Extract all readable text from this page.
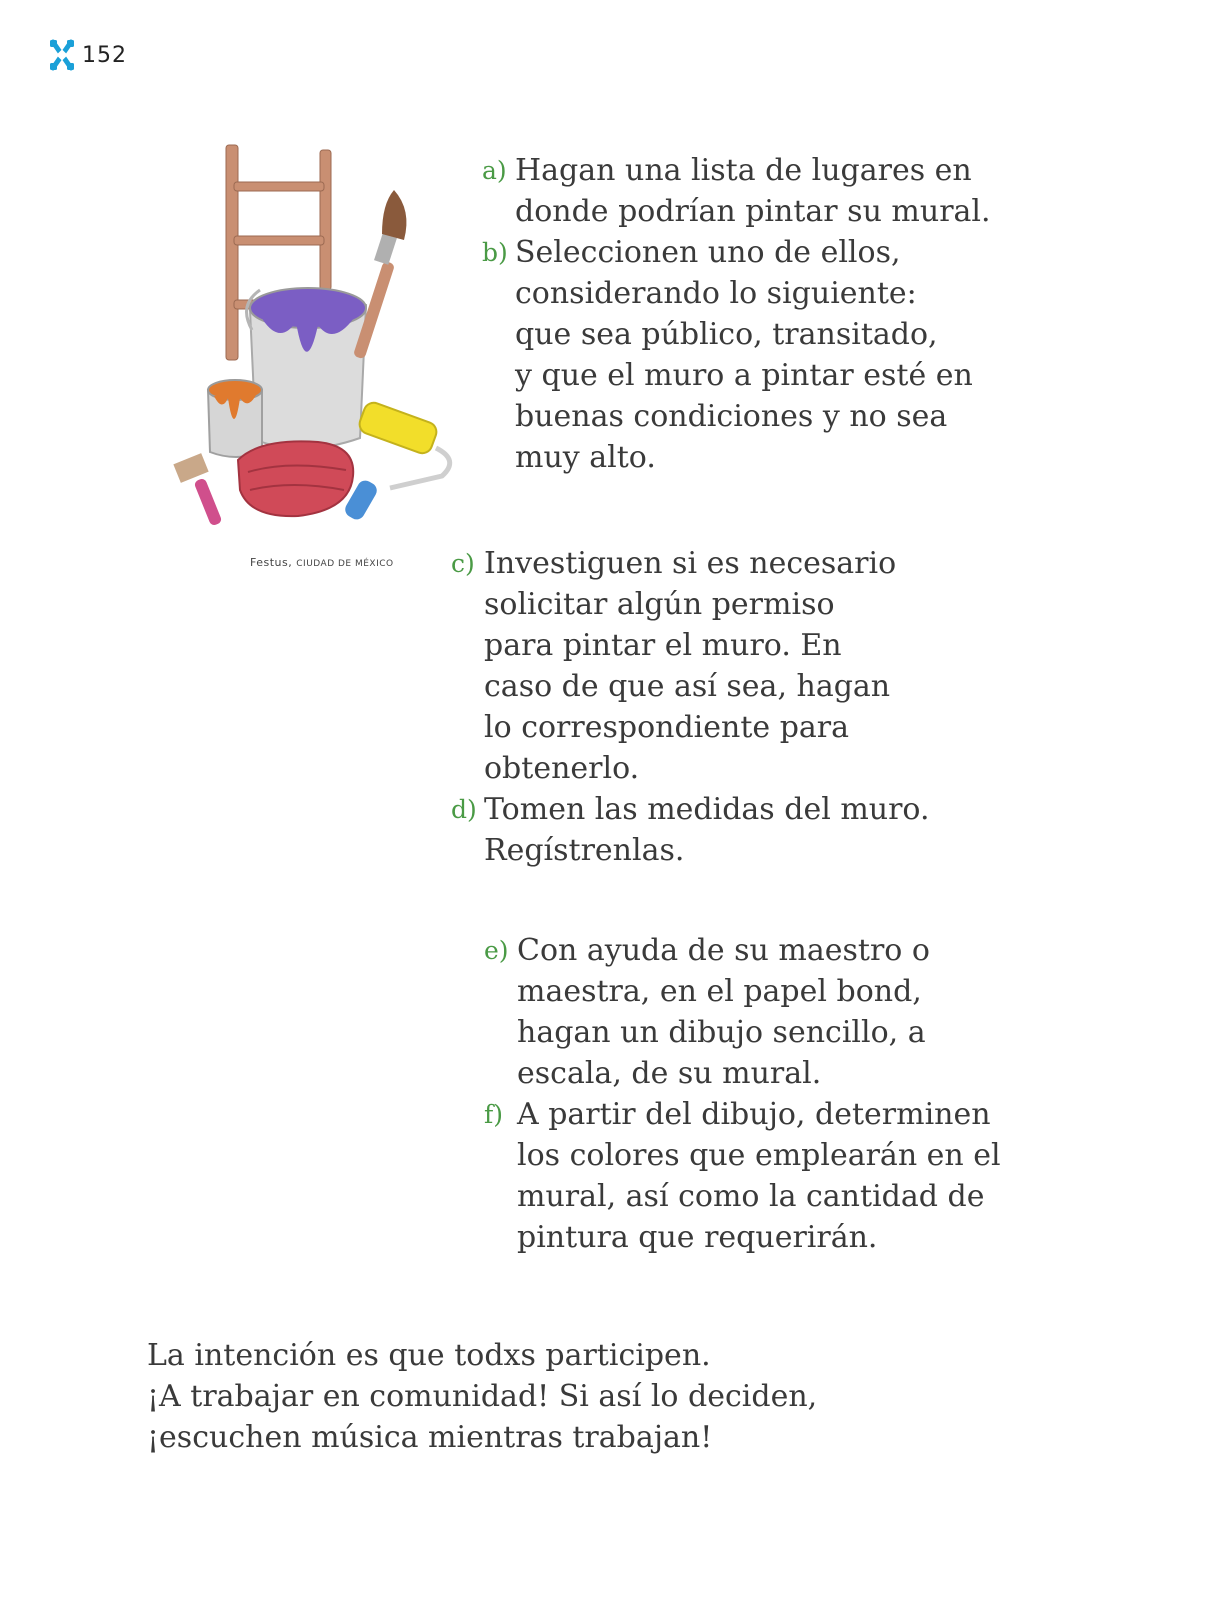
152
Festus, CIUDAD DE MÉXICO
a) Hagan una lista de lugares en
donde podrían pintar su mural.
b) Seleccionen uno de ellos,
considerando lo siguiente:
que sea público, transitado,
y que el muro a pintar esté en
buenas condiciones y no sea
muy alto.
c) Investiguen si es necesario
solicitar algún permiso
para pintar el muro. En
caso de que así sea, hagan
lo correspondiente para
obtenerlo.
d) Tomen las medidas del muro.
Regístrenlas.
e) Con ayuda de su maestro o
maestra, en el papel bond,
hagan un dibujo sencillo, a
escala, de su mural.
f) A partir del dibujo, determinen
los colores que emplearán en el
mural, así como la cantidad de
pintura que requerirán.

La intención es que todxs participen.
¡A trabajar en comunidad! Si así lo deciden,
¡escuchen música mientras trabajan!
